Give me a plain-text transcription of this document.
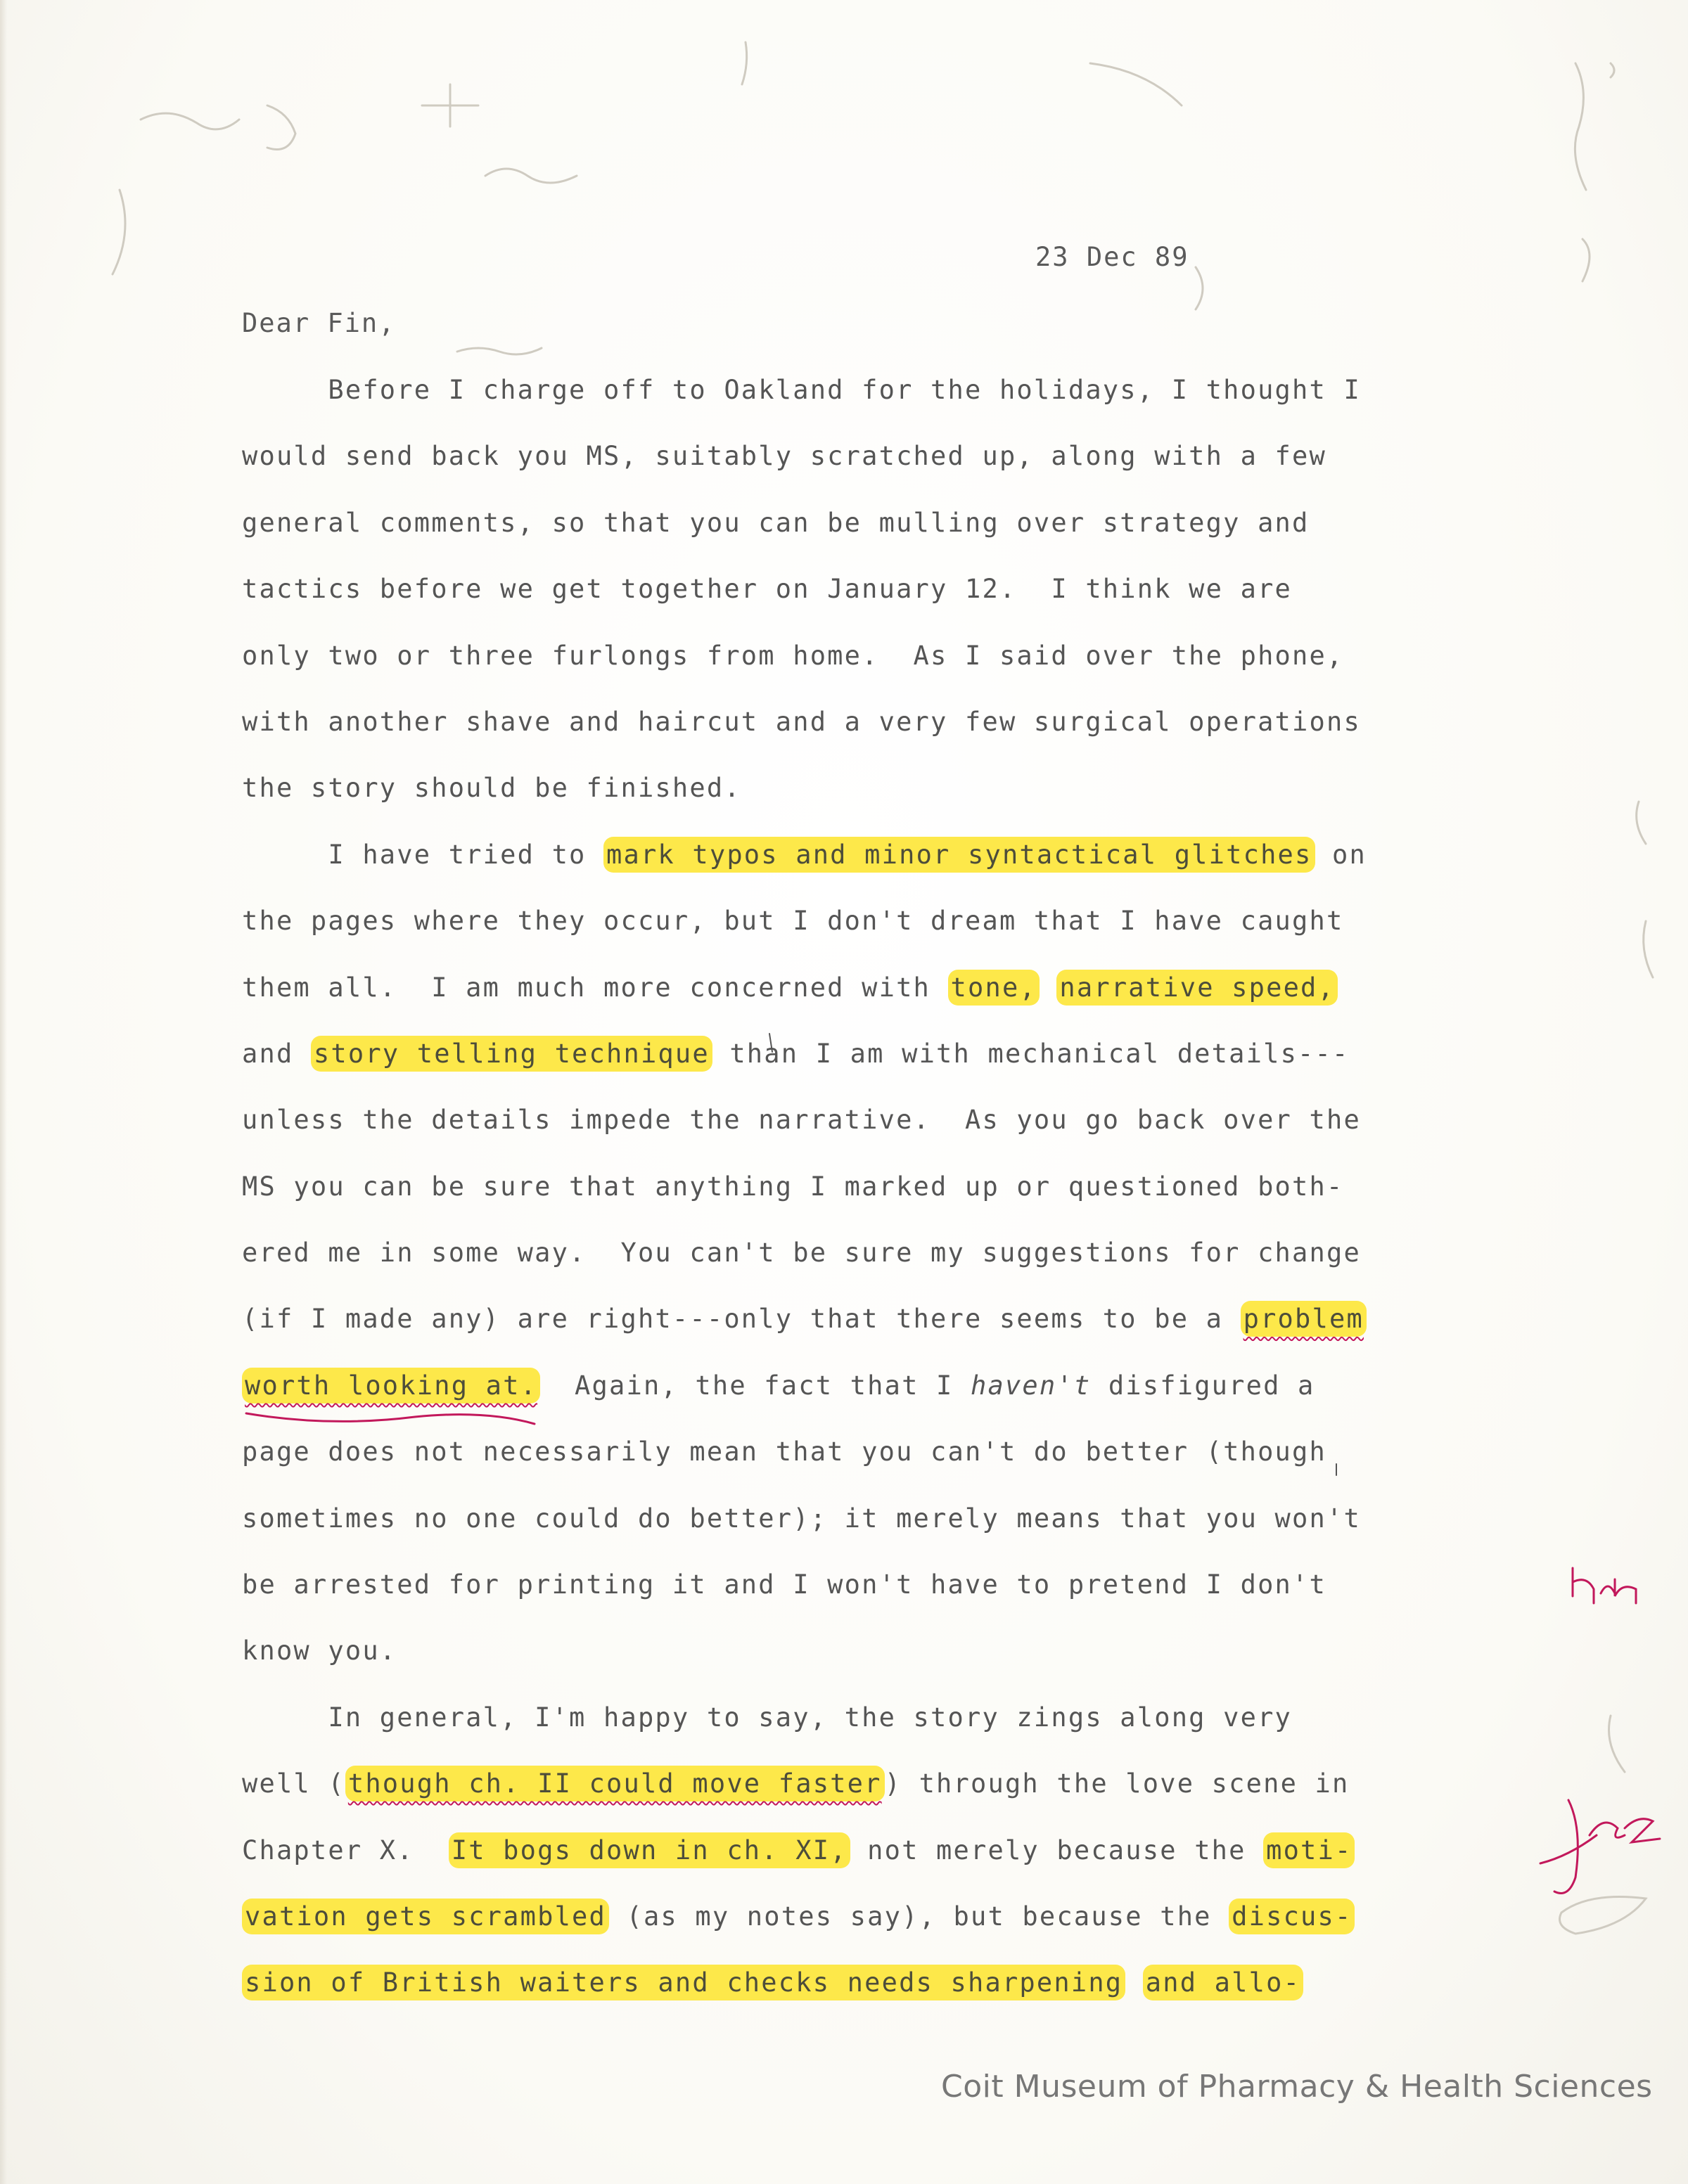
23 Dec 89
Dear Fin,
Before I charge off to Oakland for the holidays, I thought I
would send back you MS, suitably scratched up, along with a few
general comments, so that you can be mulling over strategy and
tactics before we get together on January 12.  I think we are
only two or three furlongs from home.  As I said over the phone,
with another shave and haircut and a very few surgical operations
the story should be finished.
I have tried to mark typos and minor syntactical glitches on
the pages where they occur, but I don't dream that I have caught
them all.  I am much more concerned with tone, narrative speed,
and story telling technique than I am with mechanical details---
unless the details impede the narrative.  As you go back over the
MS you can be sure that anything I marked up or questioned both-
ered me in some way.  You can't be sure my suggestions for change
(if I made any) are right---only that there seems to be a problem
worth looking at.  Again, the fact that I haven't disfigured a
page does not necessarily mean that you can't do better (though
sometimes no one could do better); it merely means that you won't
be arrested for printing it and I won't have to pretend I don't
know you.
In general, I'm happy to say, the story zings along very
well ( though ch. II could move faster ) through the love scene in
Chapter X.  It bogs down in ch. XI, not merely because the moti-
vation gets scrambled (as my notes say), but because the discus-
sion of British waiters and checks needs sharpening and allo-
Coit Museum of Pharmacy & Health Sciences
